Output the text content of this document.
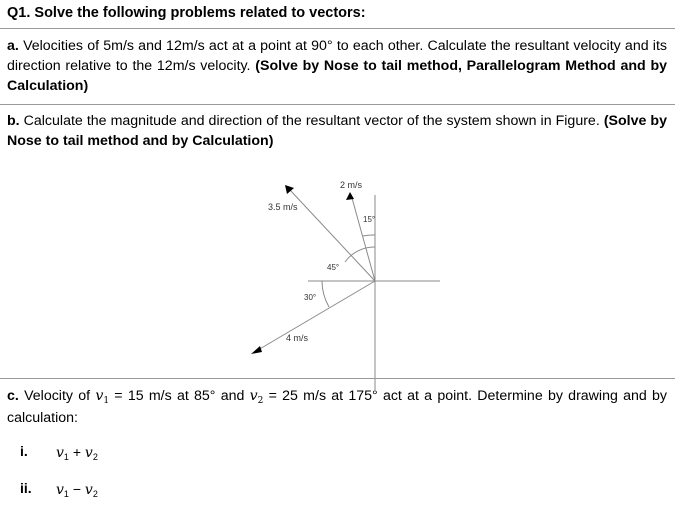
Q1. Solve the following problems related to vectors:
a. Velocities of 5m/s and 12m/s act at a point at 90° to each other. Calculate the resultant velocity and its direction relative to the 12m/s velocity. (Solve by Nose to tail method, Parallelogram Method and by Calculation)
b. Calculate the magnitude and direction of the resultant vector of the system shown in Figure. (Solve by Nose to tail method and by Calculation)
2 m/s
3.5 m/s
4 m/s
15°
45°
30°
c. Velocity of $v_1 = 15$ m/s at 85° and $v_2 = 25$ m/s at 175° act at a point. Determine by drawing and by calculation:
i. $v_1 + v_2$
ii. $v_1 - v_2$
